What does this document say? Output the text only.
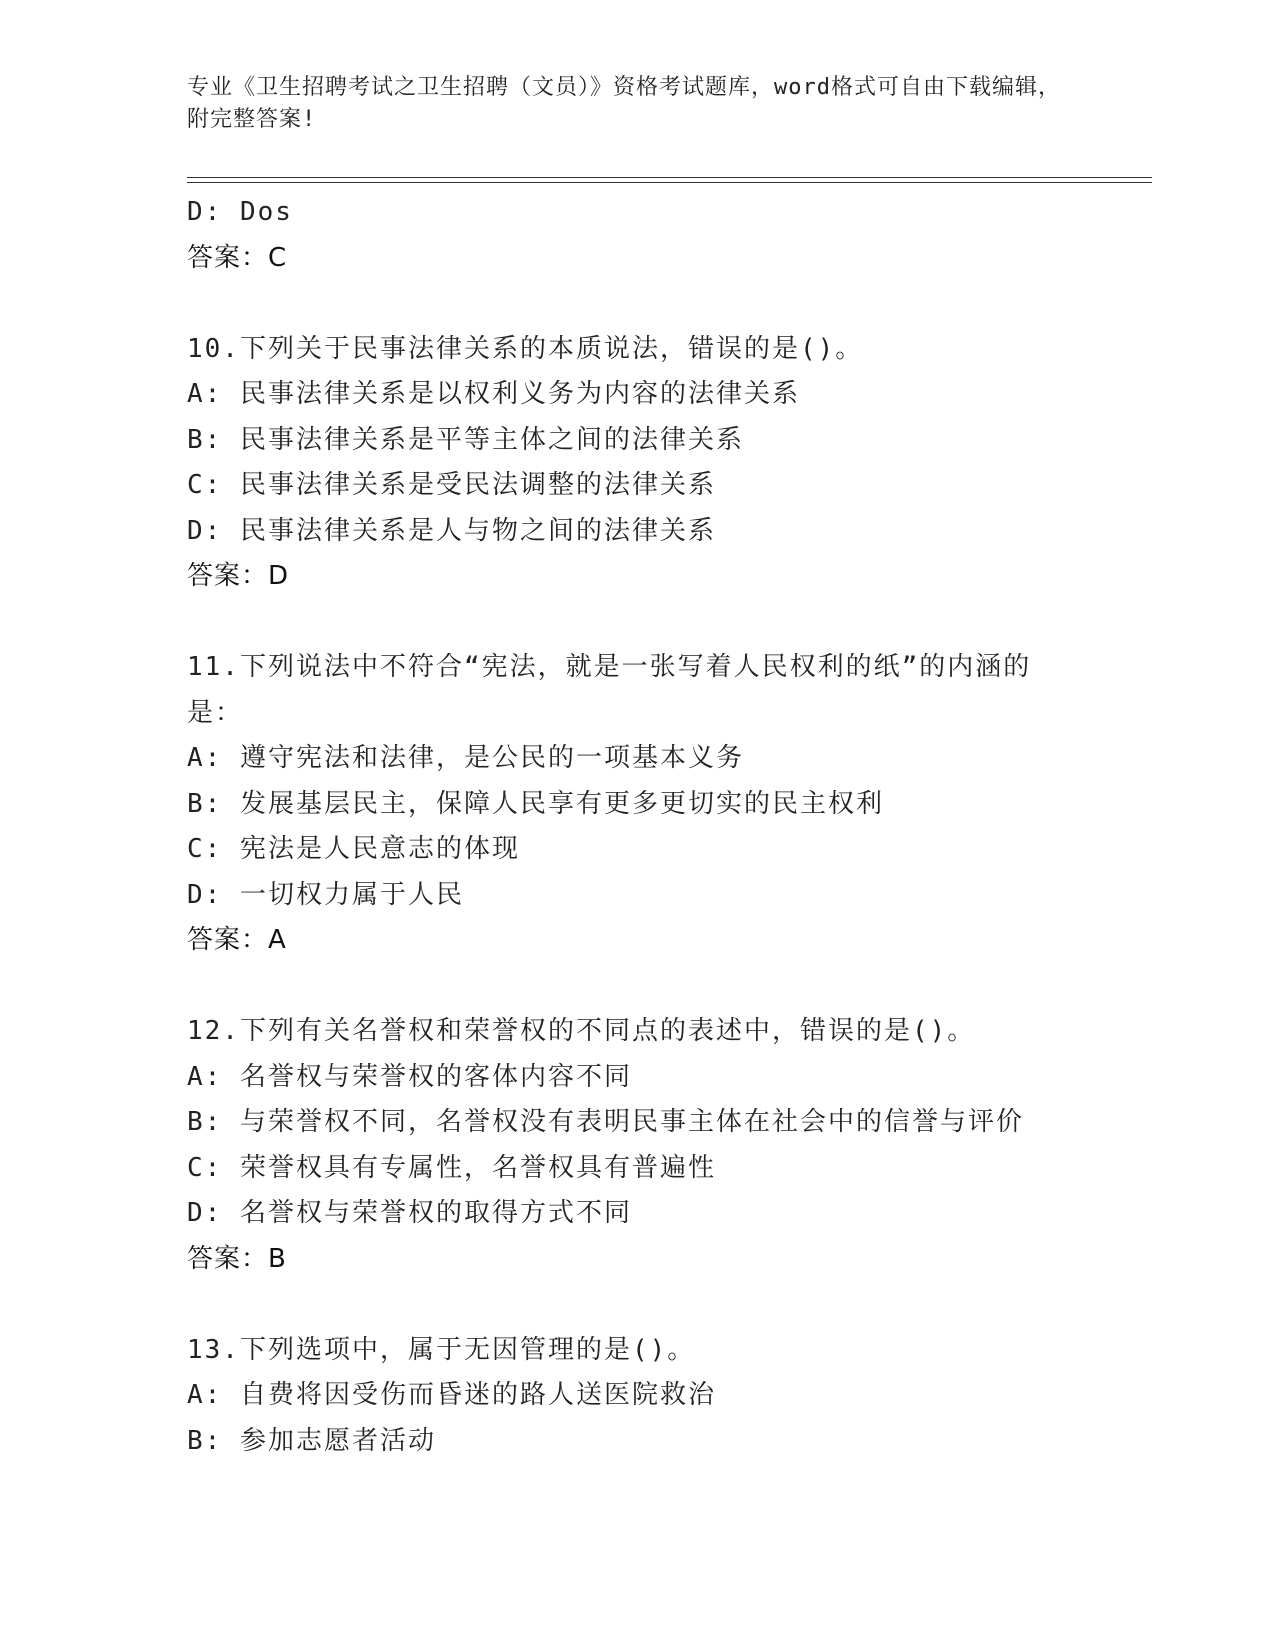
专业《卫生招聘考试之卫生招聘（文员）》资格考试题库，word格式可自由下载编辑，附完整答案!
D: Dos
答案：C
10.下列关于民事法律关系的本质说法，错误的是()。
A: 民事法律关系是以权利义务为内容的法律关系
B: 民事法律关系是平等主体之间的法律关系
C: 民事法律关系是受民法调整的法律关系
D: 民事法律关系是人与物之间的法律关系
答案：D
11.下列说法中不符合“宪法，就是一张写着人民权利的纸”的内涵的是：
A: 遵守宪法和法律，是公民的一项基本义务
B: 发展基层民主，保障人民享有更多更切实的民主权利
C: 宪法是人民意志的体现
D: 一切权力属于人民
答案：A
12.下列有关名誉权和荣誉权的不同点的表述中，错误的是()。
A: 名誉权与荣誉权的客体内容不同
B: 与荣誉权不同，名誉权没有表明民事主体在社会中的信誉与评价
C: 荣誉权具有专属性，名誉权具有普遍性
D: 名誉权与荣誉权的取得方式不同
答案：B
13.下列选项中，属于无因管理的是()。
A: 自费将因受伤而昏迷的路人送医院救治
B: 参加志愿者活动
